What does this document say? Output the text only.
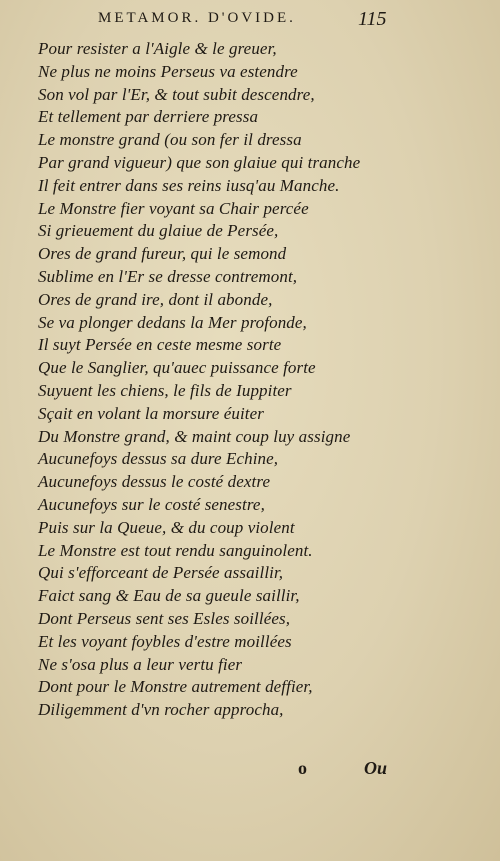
METAMOR. D'OVIDE.	115
Pour resister a l'Aigle & le greuer,
Ne plus ne moins Perseus va estendre
Son vol par l'Er, & tout subit descendre,
Et tellement par derriere pressa
Le monstre grand (ou son fer il dressa
Par grand vigueur) que son glaiue qui tranche
Il feit entrer dans ses reins iusq'au Manche.
Le Monstre fier voyant sa Chair percée
Si grieuement du glaiue de Persée,
Ores de grand fureur, qui le semond
Sublime en l'Er se dresse contremont,
Ores de grand ire, dont il abonde,
Se va plonger dedans la Mer profonde,
Il suyt Persée en ceste mesme sorte
Que le Sanglier, qu'auec puissance forte
Suyuent les chiens, le fils de Iuppiter
Sçait en volant la morsure éuiter
Du Monstre grand, & maint coup luy assigne
Aucunefoys dessus sa dure Echine,
Aucunefoys dessus le costé dextre
Aucunefoys sur le costé senestre,
Puis sur la Queue, & du coup violent
Le Monstre est tout rendu sanguinolent.
Qui s'efforceant de Persée assaillir,
Faict sang & Eau de sa gueule saillir,
Dont Perseus sent ses Esles soillées,
Et les voyant foybles d'estre moillées
Ne s'osa plus a leur vertu fier
Dont pour le Monstre autrement deffier,
Diligemment d'vn rocher approcha,
o	Ou
